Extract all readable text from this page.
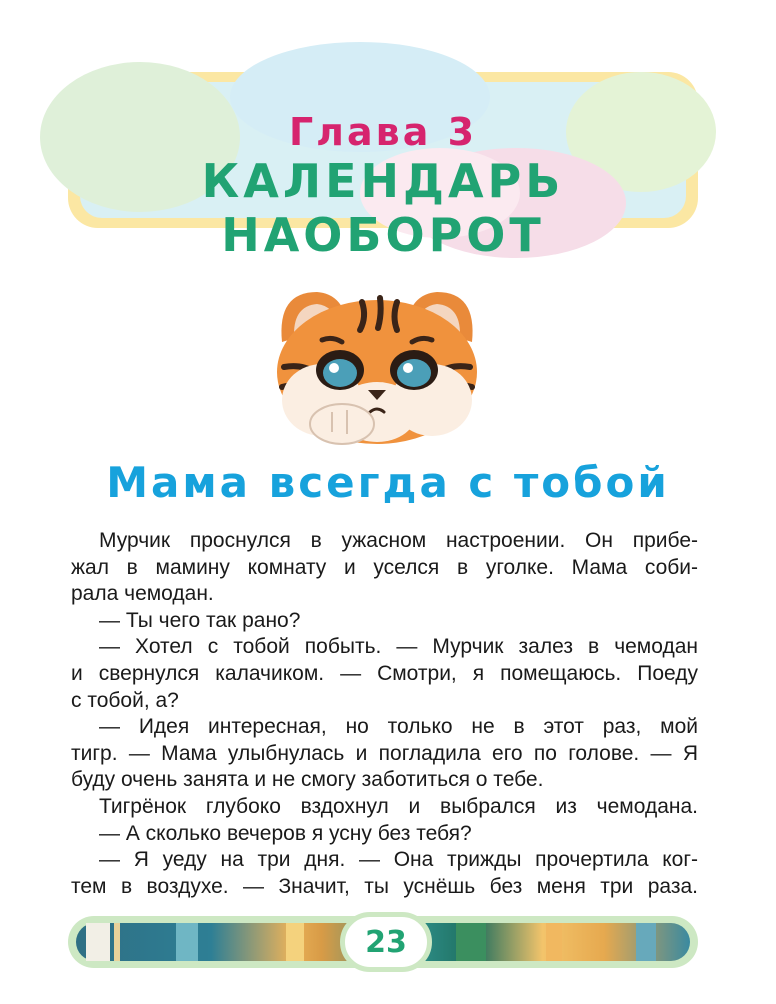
Глава 3
КАЛЕНДАРЬ НАОБОРОТ
Мама всегда с тобой

Мурчик проснулся в ужасном настроении. Он прибе-

жал в мамину комнату и уселся в уголке. Мама соби-

рала чемодан.

— Ты чего так рано?

— Хотел с тобой побыть. — Мурчик залез в чемодан

и свернулся калачиком. — Смотри, я помещаюсь. Поеду

с тобой, а?

— Идея интересная, но только не в этот раз, мой

тигр. — Мама улыбнулась и погладила его по голове. — Я

буду очень занята и не смогу заботиться о тебе.

Тигрёнок глубоко вздохнул и выбрался из чемодана.

— А сколько вечеров я усну без тебя?

— Я уеду на три дня. — Она трижды прочертила ког-

тем в воздухе. — Значит, ты уснёшь без меня три раза.

23
